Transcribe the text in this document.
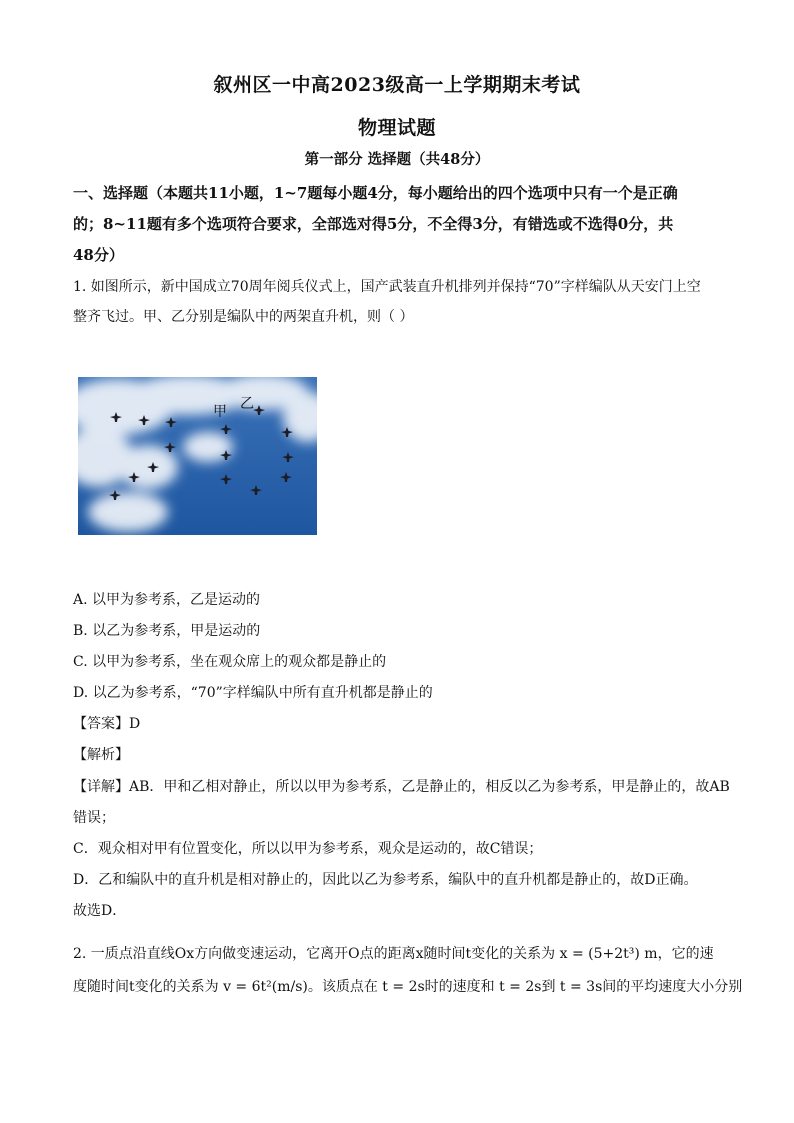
叙州区一中高2023级高一上学期期末考试
物理试题
第一部分 选择题（共48分）
一、选择题（本题共11小题，1~7题每小题4分，每小题给出的四个选项中只有一个是正确
的；8~11题有多个选项符合要求，全部选对得5分，不全得3分，有错选或不选得0分，共
48分）
1. 如图所示，新中国成立70周年阅兵仪式上，国产武装直升机排列并保持“70”字样编队从天安门上空
整齐飞过。甲、乙分别是编队中的两架直升机，则（ ）
甲 乙
A. 以甲为参考系，乙是运动的
B. 以乙为参考系，甲是运动的
C. 以甲为参考系，坐在观众席上的观众都是静止的
D. 以乙为参考系，“70”字样编队中所有直升机都是静止的
【答案】D
【解析】
【详解】AB．甲和乙相对静止，所以以甲为参考系，乙是静止的，相反以乙为参考系，甲是静止的，故AB
错误；
C．观众相对甲有位置变化，所以以甲为参考系，观众是运动的，故C错误；
D．乙和编队中的直升机是相对静止的，因此以乙为参考系，编队中的直升机都是静止的，故D正确。
故选D．
2. 一质点沿直线Ox方向做变速运动，它离开O点的距离x随时间t变化的关系为 x = (5+2t³) m，它的速
度随时间t变化的关系为 v = 6t²(m/s)。该质点在 t = 2s时的速度和 t = 2s到 t = 3s间的平均速度大小分别
